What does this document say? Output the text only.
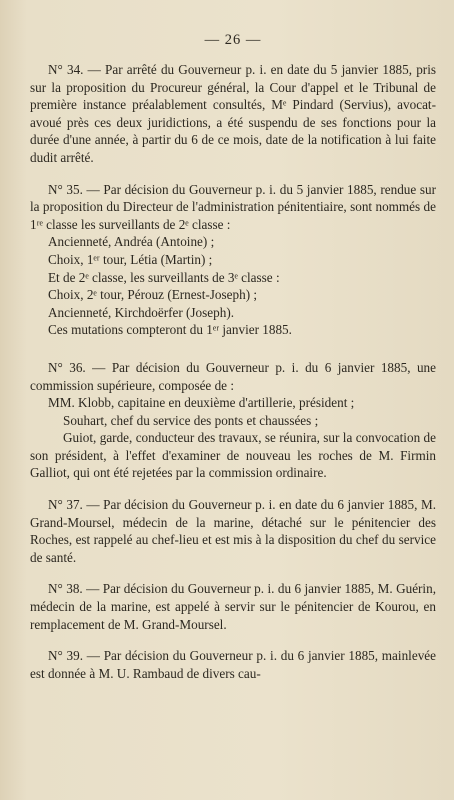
— 26 —

N° 34. — Par arrêté du Gouverneur p. i. en date du 5 janvier 1885, pris sur la proposition du Procureur général, la Cour d'appel et le Tribunal de première instance préalablement consultés, Mᵉ Pindard (Servius), avocat-avoué près ces deux juridictions, a été suspendu de ses fonctions pour la durée d'une année, à partir du 6 de ce mois, date de la notification à lui faite dudit arrêté.

N° 35. — Par décision du Gouverneur p. i. du 5 janvier 1885, rendue sur la proposition du Directeur de l'administration pénitentiaire, sont nommés de 1ʳᵉ classe les surveillants de 2ᵉ classe :

Ancienneté, Andréa (Antoine) ;
Choix, 1ᵉʳ tour, Létia (Martin) ;
Et de 2ᵉ classe, les surveillants de 3ᵉ classe :
Choix, 2ᵉ tour, Pérouz (Ernest-Joseph) ;
Ancienneté, Kirchdoërfer (Joseph).
Ces mutations compteront du 1ᵉʳ janvier 1885.

N° 36. — Par décision du Gouverneur p. i. du 6 janvier 1885, une commission supérieure, composée de :

MM. Klobb, capitaine en deuxième d'artillerie, président ;
Souhart, chef du service des ponts et chaussées ;

Guiot, garde, conducteur des travaux, se réunira, sur la convocation de son président, à l'effet d'examiner de nouveau les roches de M. Firmin Galliot, qui ont été rejetées par la commission ordinaire.

N° 37. — Par décision du Gouverneur p. i. en date du 6 janvier 1885, M. Grand-Moursel, médecin de la marine, détaché sur le pénitencier des Roches, est rappelé au chef-lieu et est mis à la disposition du chef du service de santé.

N° 38. — Par décision du Gouverneur p. i. du 6 janvier 1885, M. Guérin, médecin de la marine, est appelé à servir sur le pénitencier de Kourou, en remplacement de M. Grand-Moursel.

N° 39. — Par décision du Gouverneur p. i. du 6 janvier 1885, mainlevée est donnée à M. U. Rambaud de divers cau-
